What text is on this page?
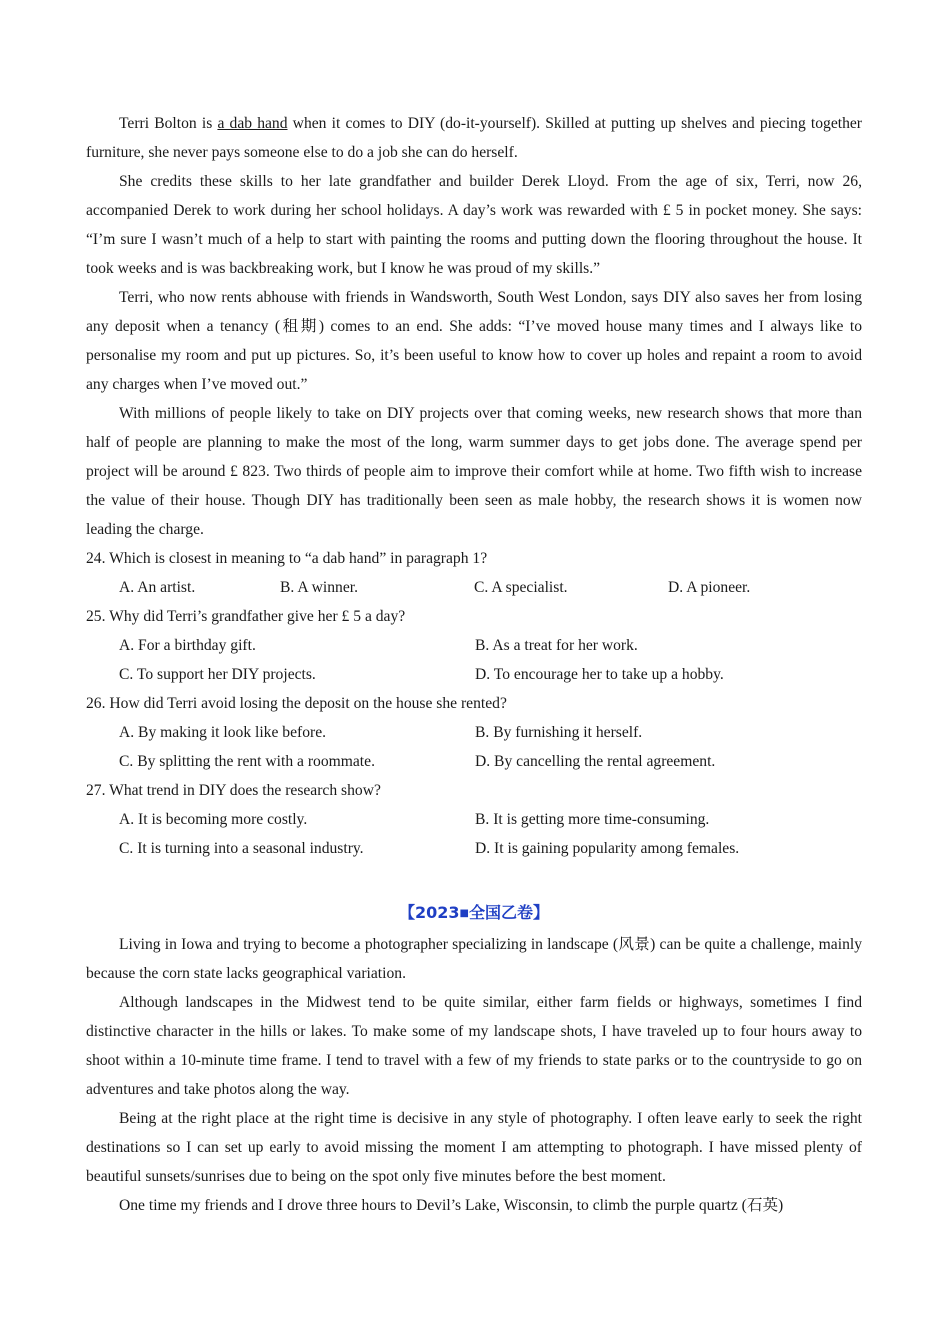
Terri Bolton is a dab hand when it comes to DIY (do-it-yourself). Skilled at putting up shelves and piecing together furniture, she never pays someone else to do a job she can do herself.

She credits these skills to her late grandfather and builder Derek Lloyd. From the age of six, Terri, now 26, accompanied Derek to work during her school holidays. A day’s work was rewarded with £ 5 in pocket money. She says: “I’m sure I wasn’t much of a help to start with painting the rooms and putting down the flooring throughout the house. It took weeks and is was backbreaking work, but I know he was proud of my skills.”

Terri, who now rents abhouse with friends in Wandsworth, South West London, says DIY also saves her from losing any deposit when a tenancy (租期) comes to an end. She adds: “I’ve moved house many times and I always like to personalise my room and put up pictures. So, it’s been useful to know how to cover up holes and repaint a room to avoid any charges when I’ve moved out.”

With millions of people likely to take on DIY projects over that coming weeks, new research shows that more than half of people are planning to make the most of the long, warm summer days to get jobs done. The average spend per project will be around £ 823. Two thirds of people aim to improve their comfort while at home. Two fifth wish to increase the value of their house. Though DIY has traditionally been seen as male hobby, the research shows it is women now leading the charge.

24. Which is closest in meaning to “a dab hand” in paragraph 1?

A. An artist.	B. A winner.	C. A specialist.	D. A pioneer.

25. Why did Terri’s grandfather give her £ 5 a day?

A. For a birthday gift.	B. As a treat for her work.
C. To support her DIY projects.	D. To encourage her to take up a hobby.

26. How did Terri avoid losing the deposit on the house she rented?

A. By making it look like before.	B. By furnishing it herself.
C. By splitting the rent with a roommate.	D. By cancelling the rental agreement.

27. What trend in DIY does the research show?

A. It is becoming more costly.	B. It is getting more time-consuming.
C. It is turning into a seasonal industry.	D. It is gaining popularity among females.
【2023■全国乙卷】

Living in Iowa and trying to become a photographer specializing in landscape (风景) can be quite a challenge, mainly because the corn state lacks geographical variation.

Although landscapes in the Midwest tend to be quite similar, either farm fields or highways, sometimes I find distinctive character in the hills or lakes. To make some of my landscape shots, I have traveled up to four hours away to shoot within a 10-minute time frame. I tend to travel with a few of my friends to state parks or to the countryside to go on adventures and take photos along the way.

Being at the right place at the right time is decisive in any style of photography. I often leave early to seek the right destinations so I can set up early to avoid missing the moment I am attempting to photograph. I have missed plenty of beautiful sunsets/sunrises due to being on the spot only five minutes before the best moment.

One time my friends and I drove three hours to Devil’s Lake, Wisconsin, to climb the purple quartz (石英)
